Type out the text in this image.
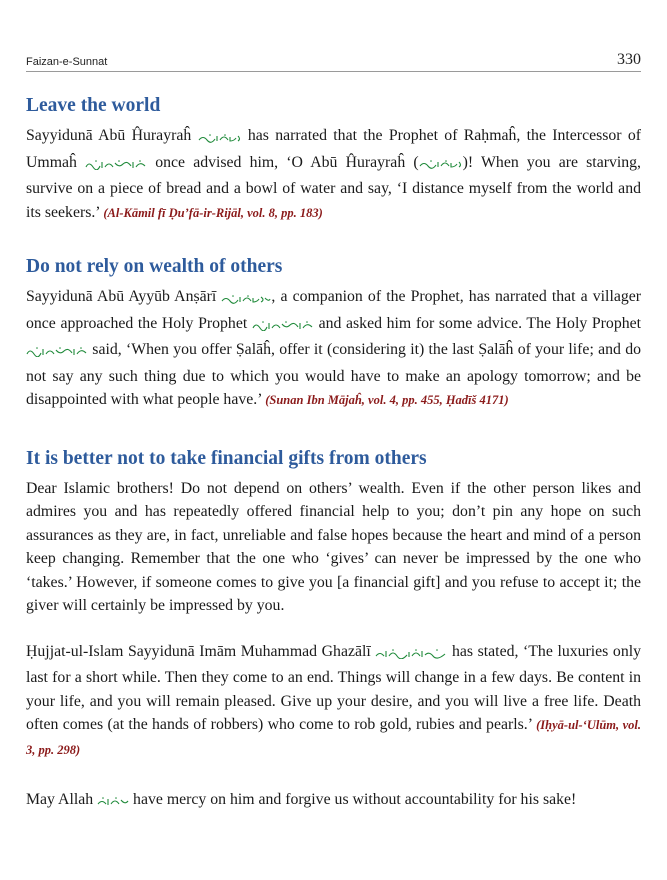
Faizan-e-Sunnat	330
Leave the world

Sayyidunā Abū Ĥurayraĥ	has narrated that the Prophet of Raḥmaĥ, the Intercessor of Ummaĥ	once advised him, ‘O Abū Ĥurayraĥ (	)! When you are starving, survive on a piece of bread and a bowl of water and say, ‘I distance myself from the world and its seekers.’ (Al-Kāmil fī Ḍu’fā-ir-Rijāl, vol. 8, pp. 183)

Do not rely on wealth of others

Sayyidunā Abū Ayyūb Anṣārī	, a companion of the Prophet, has narrated that a villager once approached the Holy Prophet	and asked him for some advice. The Holy Prophet  said, ‘When you offer Ṣalāĥ, offer it (considering it) the last Ṣalāĥ of your life; and do not say any such thing due to which you would have to make an apology tomorrow; and be disappointed with what people have.’ (Sunan Ibn Mājaĥ, vol. 4, pp. 455, Ḥadīš 4171)

It is better not to take financial gifts from others

Dear Islamic brothers! Do not depend on others’ wealth. Even if the other person likes and admires you and has repeatedly offered financial help to you; don’t pin any hope on such assurances as they are, in fact, unreliable and false hopes because the heart and mind of a person keep changing. Remember that the one who ‘gives’ can never be impressed by the one who ‘takes.’ However, if someone comes to give you [a financial gift] and you refuse to accept it; the giver will certainly be impressed by you.

Ḥujjat-ul-Islam Sayyidunā Imām Muhammad Ghazālī	has stated, ‘The luxuries only last for a short while. Then they come to an end. Things will change in a few days. Be content in your life, and you will remain pleased. Give up your desire, and you will live a free life. Death often comes (at the hands of robbers) who come to rob gold, rubies and pearls.’ (Iḥyā-ul-‘Ulūm, vol. 3, pp. 298)

May Allah	have mercy on him and forgive us without accountability for his sake!
